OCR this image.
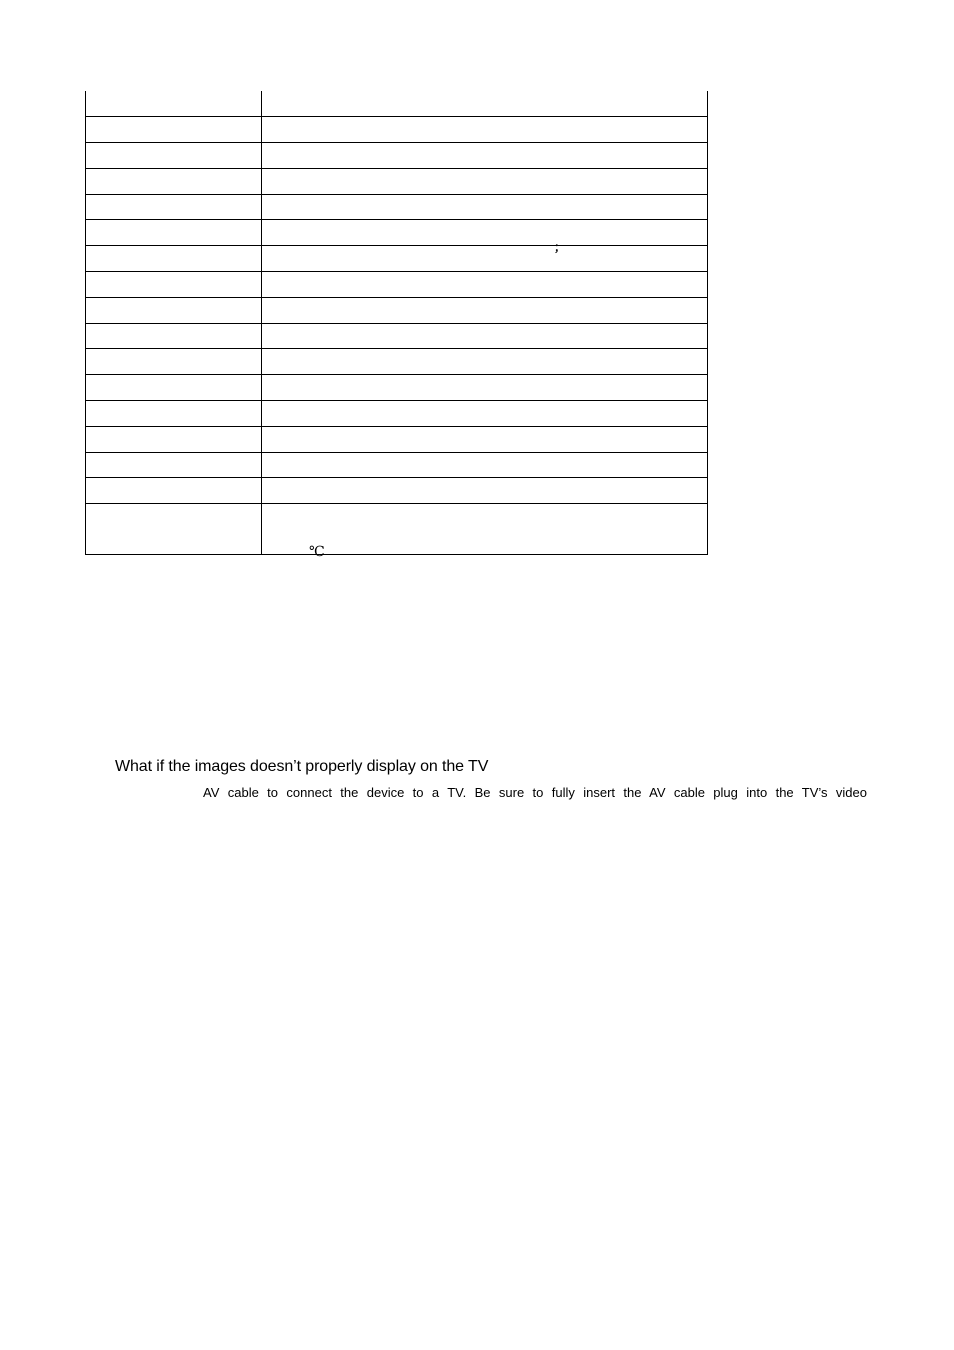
	；

	℃
What if the images doesn’t properly display on the TV

AV cable to connect the device to a TV. Be sure to fully insert the AV cable plug into the TV’s video
